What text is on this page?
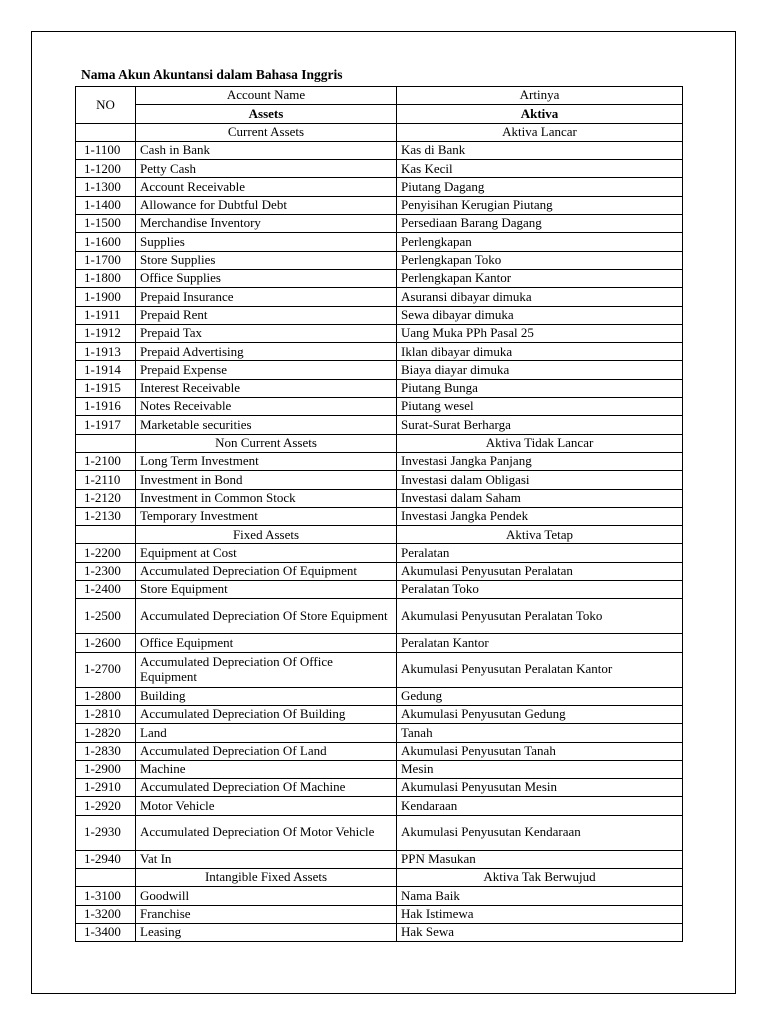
Nama Akun Akuntansi dalam Bahasa Inggris
NO	Account Name	Artinya
	Assets	Aktiva
	Current Assets	Aktiva Lancar
1-1100	Cash in Bank	Kas di Bank
1-1200	Petty Cash	Kas Kecil
1-1300	Account Receivable	Piutang Dagang
1-1400	Allowance for Dubtful Debt	Penyisihan Kerugian Piutang
1-1500	Merchandise Inventory	Persediaan Barang Dagang
1-1600	Supplies	Perlengkapan
1-1700	Store Supplies	Perlengkapan Toko
1-1800	Office Supplies	Perlengkapan Kantor
1-1900	Prepaid Insurance	Asuransi dibayar dimuka
1-1911	Prepaid Rent	Sewa dibayar dimuka
1-1912	Prepaid Tax	Uang Muka PPh Pasal 25
1-1913	Prepaid Advertising	Iklan dibayar dimuka
1-1914	Prepaid Expense	Biaya diayar dimuka
1-1915	Interest Receivable	Piutang Bunga
1-1916	Notes Receivable	Piutang wesel
1-1917	Marketable securities	Surat-Surat Berharga
	Non Current Assets	Aktiva Tidak Lancar
1-2100	Long Term Investment	Investasi Jangka Panjang
1-2110	Investment in Bond	Investasi dalam Obligasi
1-2120	Investment in Common Stock	Investasi dalam Saham
1-2130	Temporary Investment	Investasi Jangka Pendek
	Fixed Assets	Aktiva Tetap
1-2200	Equipment at Cost	Peralatan
1-2300	Accumulated Depreciation Of Equipment	Akumulasi Penyusutan Peralatan
1-2400	Store Equipment	Peralatan Toko
1-2500	Accumulated Depreciation Of Store Equipment	Akumulasi Penyusutan Peralatan Toko
1-2600	Office Equipment	Peralatan Kantor
1-2700	Accumulated Depreciation Of Office Equipment	Akumulasi Penyusutan Peralatan Kantor
1-2800	Building	Gedung
1-2810	Accumulated Depreciation Of Building	Akumulasi Penyusutan Gedung
1-2820	Land	Tanah
1-2830	Accumulated Depreciation Of Land	Akumulasi Penyusutan Tanah
1-2900	Machine	Mesin
1-2910	Accumulated Depreciation Of Machine	Akumulasi Penyusutan Mesin
1-2920	Motor Vehicle	Kendaraan
1-2930	Accumulated Depreciation Of Motor Vehicle	Akumulasi Penyusutan Kendaraan
1-2940	Vat In	PPN Masukan
	Intangible Fixed Assets	Aktiva Tak Berwujud
1-3100	Goodwill	Nama Baik
1-3200	Franchise	Hak Istimewa
1-3400	Leasing	Hak Sewa
